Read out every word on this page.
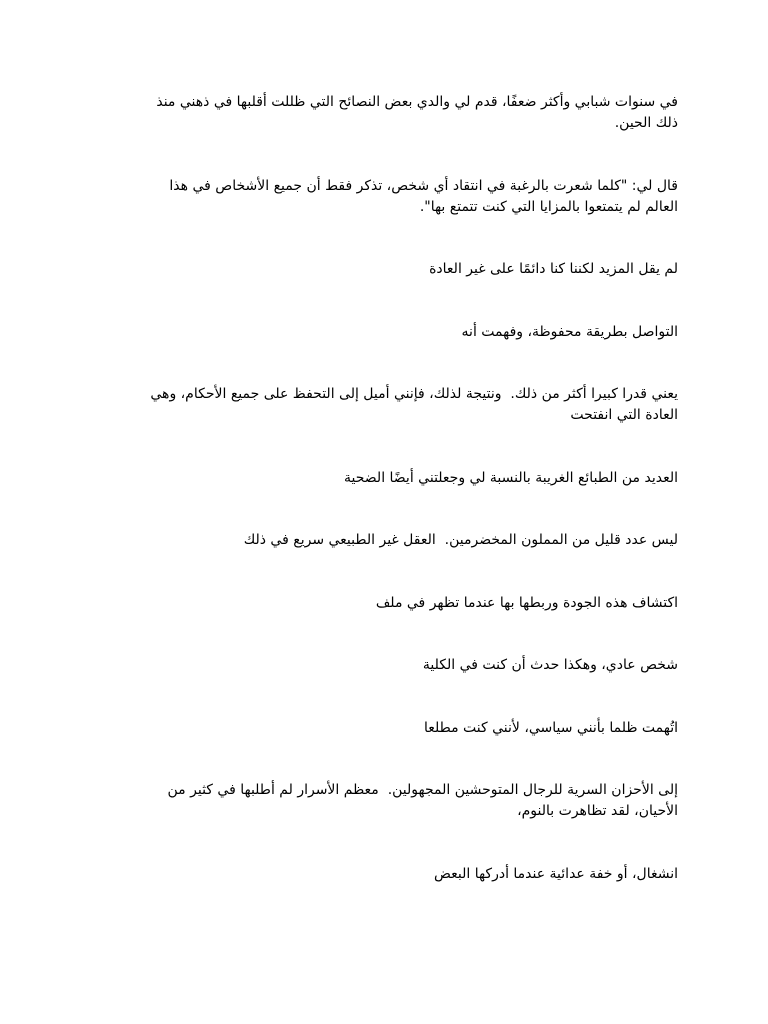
في سنوات شبابي وأكثر ضعفًا، قدم لي والدي بعض النصائح التي ظللت أقلبها في ذهني منذ
ذلك الحين.

قال لي: "كلما شعرت بالرغبة في انتقاد أي شخص، تذكر فقط أن جميع الأشخاص في هذا
العالم لم يتمتعوا بالمزايا التي كنت تتمتع بها".

لم يقل المزيد لكننا كنا دائمًا على غير العادة

التواصل بطريقة محفوظة، وفهمت أنه

يعني قدرا كبيرا أكثر من ذلك.  ونتيجة لذلك، فإنني أميل إلى التحفظ على جميع الأحكام، وهي
العادة التي انفتحت

العديد من الطبائع الغريبة بالنسبة لي وجعلتني أيضًا الضحية

ليس عدد قليل من المملون المخضرمين.  العقل غير الطبيعي سريع في ذلك

اكتشاف هذه الجودة وربطها بها عندما تظهر في ملف

شخص عادي، وهكذا حدث أن كنت في الكلية

اتُهمت ظلما بأنني سياسي، لأنني كنت مطلعا

إلى الأحزان السرية للرجال المتوحشين المجهولين.  معظم الأسرار لم أطلبها في كثير من
الأحيان، لقد تظاهرت بالنوم،

انشغال، أو خفة عدائية عندما أدركها البعض
